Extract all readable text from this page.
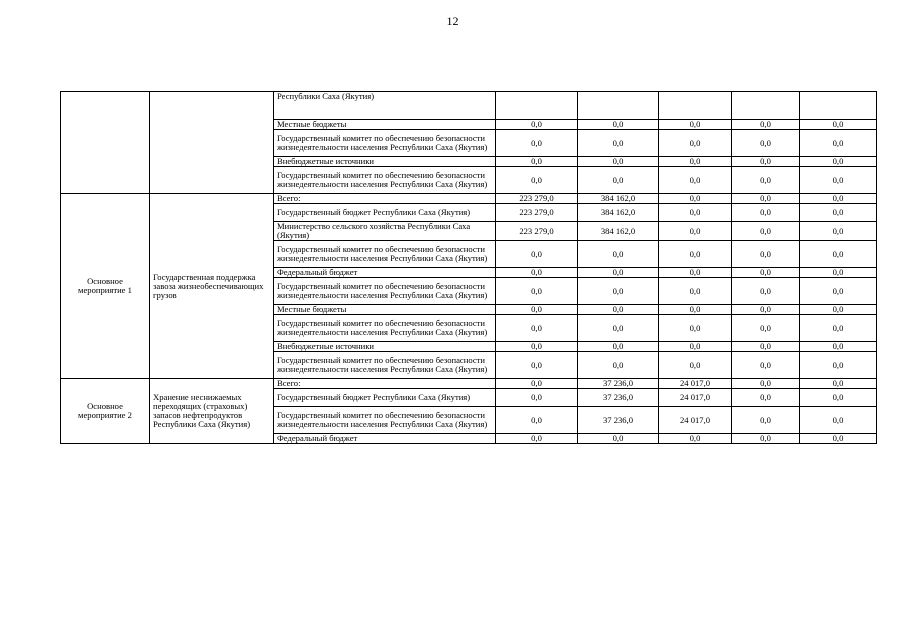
12
		Республики Саха (Якутия)					
		Местные бюджеты	0,0	0,0	0,0	0,0	0,0
		Государственный комитет по обеспечению безопасности жизнедеятельности населения Республики Саха (Якутия)	0,0	0,0	0,0	0,0	0,0
		Внебюджетные источники	0,0	0,0	0,0	0,0	0,0
		Государственный комитет по обеспечению безопасности жизнедеятельности населения Республики Саха (Якутия)	0,0	0,0	0,0	0,0	0,0
Основное мероприятие 1	Государственная поддержка завоза жизнеобеспечивающих грузов	Всего:	223 279,0	384 162,0	0,0	0,0	0,0
		Государственный бюджет Республики Саха (Якутия)	223 279,0	384 162,0	0,0	0,0	0,0
		Министерство сельского хозяйства Республики Саха (Якутия)	223 279,0	384 162,0	0,0	0,0	0,0
		Государственный комитет по обеспечению безопасности жизнедеятельности населения Республики Саха (Якутия)	0,0	0,0	0,0	0,0	0,0
		Федеральный бюджет	0,0	0,0	0,0	0,0	0,0
		Государственный комитет по обеспечению безопасности жизнедеятельности населения Республики Саха (Якутия)	0,0	0,0	0,0	0,0	0,0
		Местные бюджеты	0,0	0,0	0,0	0,0	0,0
		Государственный комитет по обеспечению безопасности жизнедеятельности населения Республики Саха (Якутия)	0,0	0,0	0,0	0,0	0,0
		Внебюджетные источники	0,0	0,0	0,0	0,0	0,0
		Государственный комитет по обеспечению безопасности жизнедеятельности населения Республики Саха (Якутия)	0,0	0,0	0,0	0,0	0,0
Основное мероприятие 2	Хранение неснижаемых переходящих (страховых) запасов нефтепродуктов Республики Саха (Якутия)	Всего:	0,0	37 236,0	24 017,0	0,0	0,0
		Государственный бюджет Республики Саха (Якутия)	0,0	37 236,0	24 017,0	0,0	0,0
		Государственный комитет по обеспечению безопасности жизнедеятельности населения Республики Саха (Якутия)	0,0	37 236,0	24 017,0	0,0	0,0
		Федеральный бюджет	0,0	0,0	0,0	0,0	0,0
